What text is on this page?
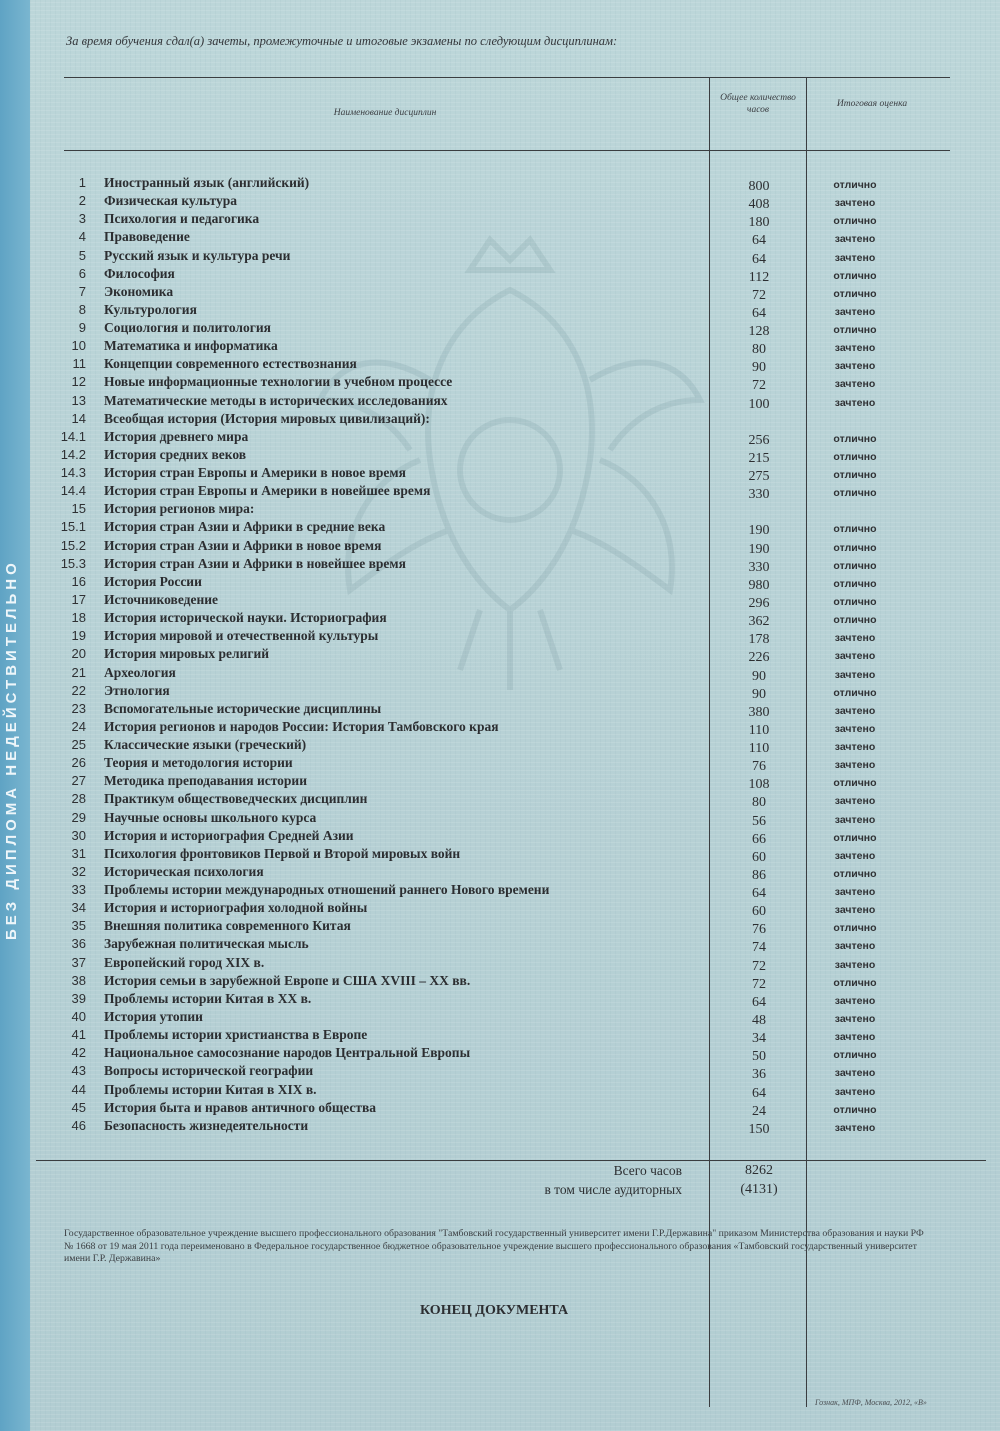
БЕЗ ДИПЛОМА НЕДЕЙСТВИТЕЛЬНО
За время обучения сдал(а) зачеты, промежуточные и итоговые экзамены по следующим дисциплинам:
Наименование дисциплин
Общее количество часов
Итоговая оценка
1 Иностранный язык (английский)	800	отлично
2 Физическая культура	408	зачтено
3 Психология и педагогика	180	отлично
4 Правоведение	64	зачтено
5 Русский язык и культура речи	64	зачтено
6 Философия	112	отлично
7 Экономика	72	отлично
8 Культурология	64	зачтено
9 Социология и политология	128	отлично
10 Математика и информатика	80	зачтено
11 Концепции современного естествознания	90	зачтено
12 Новые информационные технологии в учебном процессе	72	зачтено
13 Математические методы в исторических исследованиях	100	зачтено
14 Всеобщая история (История мировых цивилизаций):
14.1 История древнего мира	256	отлично
14.2 История средних веков	215	отлично
14.3 История стран Европы и Америки в новое время	275	отлично
14.4 История стран Европы и Америки в новейшее время	330	отлично
15 История регионов мира:
15.1 История стран Азии и Африки в средние века	190	отлично
15.2 История стран Азии и Африки в новое время	190	отлично
15.3 История стран Азии и Африки в новейшее время	330	отлично
16 История России	980	отлично
17 Источниковедение	296	отлично
18 История исторической науки. Историография	362	отлично
19 История мировой и отечественной культуры	178	зачтено
20 История мировых религий	226	зачтено
21 Археология	90	зачтено
22 Этнология	90	отлично
23 Вспомогательные исторические дисциплины	380	зачтено
24 История регионов и народов России: История Тамбовского края	110	зачтено
25 Классические языки (греческий)	110	зачтено
26 Теория и методология истории	76	зачтено
27 Методика преподавания истории	108	отлично
28 Практикум обществоведческих дисциплин	80	зачтено
29 Научные основы школьного курса	56	зачтено
30 История и историография Средней Азии	66	отлично
31 Психология фронтовиков Первой и Второй мировых войн	60	зачтено
32 Историческая психология	86	отлично
33 Проблемы истории международных отношений раннего Нового времени	64	зачтено
34 История и историография холодной войны	60	зачтено
35 Внешняя политика современного Китая	76	отлично
36 Зарубежная политическая мысль	74	зачтено
37 Европейский город XIX в.	72	зачтено
38 История семьи в зарубежной Европе и США XVIII – XX вв.	72	отлично
39 Проблемы истории Китая в XX в.	64	зачтено
40 История утопии	48	зачтено
41 Проблемы истории христианства в Европе	34	зачтено
42 Национальное самосознание народов Центральной Европы	50	отлично
43 Вопросы исторической географии	36	зачтено
44 Проблемы истории Китая в XIX в.	64	зачтено
45 История быта и нравов античного общества	24	отлично
46 Безопасность жизнедеятельности	150	зачтено
Всего часов	8262
в том числе аудиторных	(4131)
Государственное образовательное учреждение высшего профессионального образования "Тамбовский государственный университет имени Г.Р.Державина" приказом Министерства образования и науки РФ № 1668 от 19 мая 2011 года переименовано в Федеральное государственное бюджетное образовательное учреждение высшего профессионального образования «Тамбовский государственный университет имени Г.Р. Державина»
КОНЕЦ ДОКУМЕНТА
Гознак, МПФ, Москва, 2012, «В»
